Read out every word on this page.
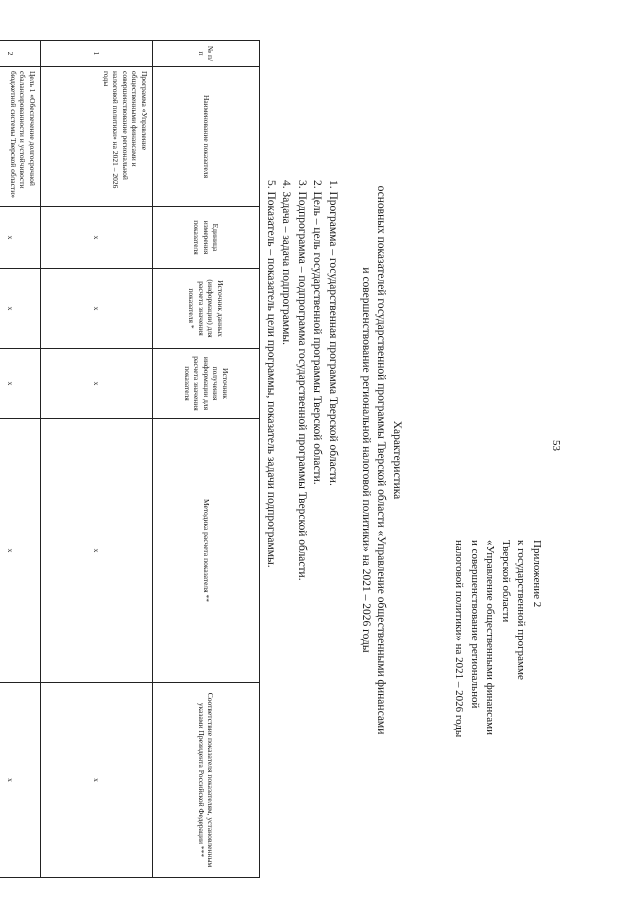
53
Приложение 2
к государственной программе
Тверской области
«Управление общественными финансами
и совершенствование региональной
налоговой политики» на 2021 – 2026 годы
Характеристика
основных показателей государственной программы Тверской области «Управление общественными финансами
и совершенствование региональной налоговой политики» на 2021 – 2026 годы
1. Программа – государственная программа Тверской области.
2. Цель – цель государственной программы Тверской области.
3. Подпрограмма – подпрограмма государственной программы Тверской области.
4. Задача – задача подпрограммы.
5. Показатель – показатель цели программы, показатель задачи подпрограммы.
№ п/п	Наименование показателя	Единица измерения показателя	Источник данных (информации) для расчета значения показателя *	Источник получения информации для расчета значения показателя	Методика расчета показателя **	Соответствие показателя показателям, установленным указами Президента Российской Федерации ***
1	Программа «Управление общественными финансами и совершенствование региональной налоговой политики» на 2021 – 2026 годы	x	x	x	x	x
2	Цель 1 «Обеспечение долгосрочной сбалансированности и устойчивости бюджетной системы Тверской области»	x	x	x	x	x
